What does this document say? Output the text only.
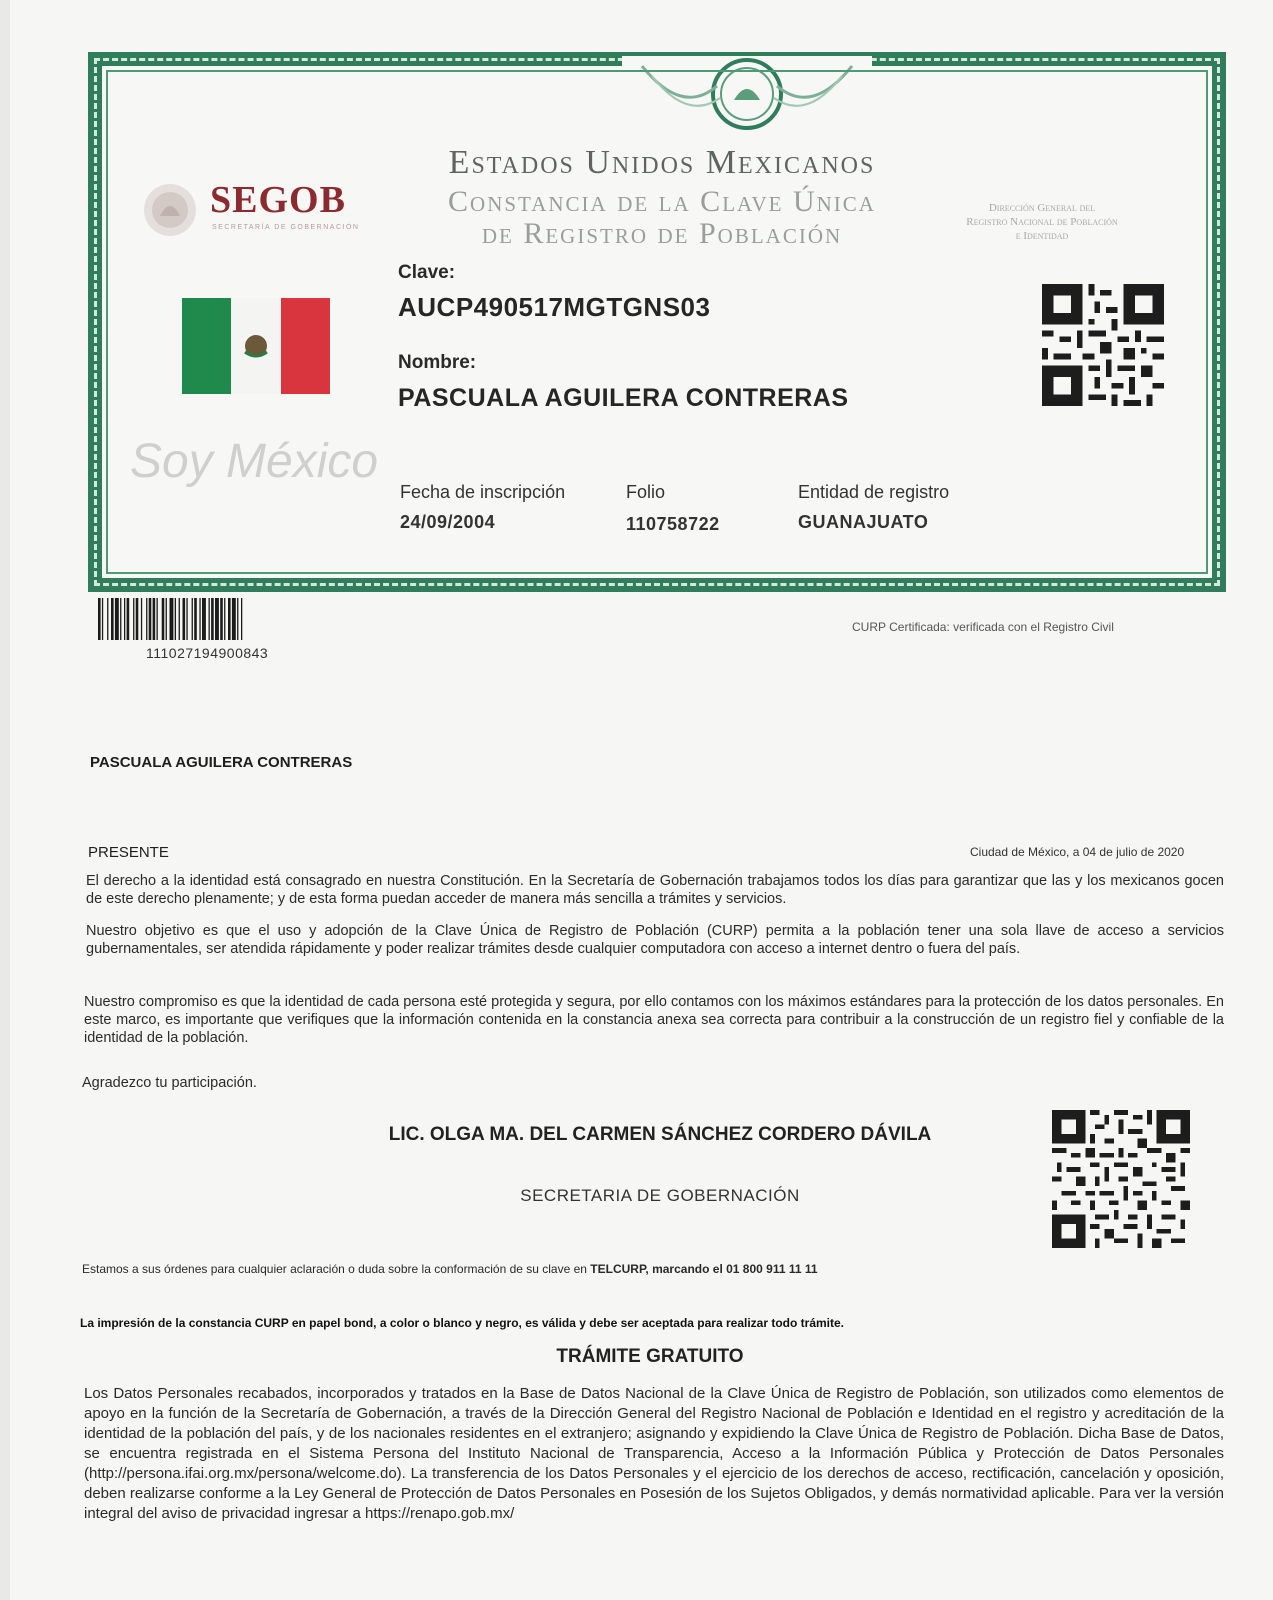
SEGOB
SECRETARÍA DE GOBERNACIÓN
Soy México
Estados Unidos Mexicanos
Constancia de la Clave Única
de Registro de Población
Dirección General del
Registro Nacional de Población
e Identidad
Clave:
AUCP490517MGTGNS03
Nombre:
PASCUALA AGUILERA CONTRERAS
Fecha de inscripción
24/09/2004
Folio
110758722
Entidad de registro
GUANAJUATO
111027194900843
CURP Certificada: verificada con el Registro Civil
PASCUALA AGUILERA CONTRERAS
PRESENTE	Ciudad de México, a 04 de julio de 2020
El derecho a la identidad está consagrado en nuestra Constitución. En la Secretaría de Gobernación trabajamos todos los días para garantizar que las y los mexicanos gocen de este derecho plenamente; y de esta forma puedan acceder de manera más sencilla a trámites y servicios.
Nuestro objetivo es que el uso y adopción de la Clave Única de Registro de Población (CURP) permita a la población tener una sola llave de acceso a servicios gubernamentales, ser atendida rápidamente y poder realizar trámites desde cualquier computadora con acceso a internet dentro o fuera del país.
Nuestro compromiso es que la identidad de cada persona esté protegida y segura, por ello contamos con los máximos estándares para la protección de los datos personales. En este marco, es importante que verifiques que la información contenida en la constancia anexa sea correcta para contribuir a la construcción de un registro fiel y confiable de la identidad de la población.
Agradezco tu participación.
LIC. OLGA MA. DEL CARMEN SÁNCHEZ CORDERO DÁVILA
SECRETARIA DE GOBERNACIÓN
Estamos a sus órdenes para cualquier aclaración o duda sobre la conformación de su clave en TELCURP, marcando el 01 800 911 11 11
La impresión de la constancia CURP en papel bond, a color o blanco y negro, es válida y debe ser aceptada para realizar todo trámite.
TRÁMITE GRATUITO
Los Datos Personales recabados, incorporados y tratados en la Base de Datos Nacional de la Clave Única de Registro de Población, son utilizados como elementos de apoyo en la función de la Secretaría de Gobernación, a través de la Dirección General del Registro Nacional de Población e Identidad en el registro y acreditación de la identidad de la población del país, y de los nacionales residentes en el extranjero; asignando y expidiendo la Clave Única de Registro de Población. Dicha Base de Datos, se encuentra registrada en el Sistema Persona del Instituto Nacional de Transparencia, Acceso a la Información Pública y Protección de Datos Personales (http://persona.ifai.org.mx/persona/welcome.do). La transferencia de los Datos Personales y el ejercicio de los derechos de acceso, rectificación, cancelación y oposición, deben realizarse conforme a la Ley General de Protección de Datos Personales en Posesión de los Sujetos Obligados, y demás normatividad aplicable. Para ver la versión integral del aviso de privacidad ingresar a https://renapo.gob.mx/
